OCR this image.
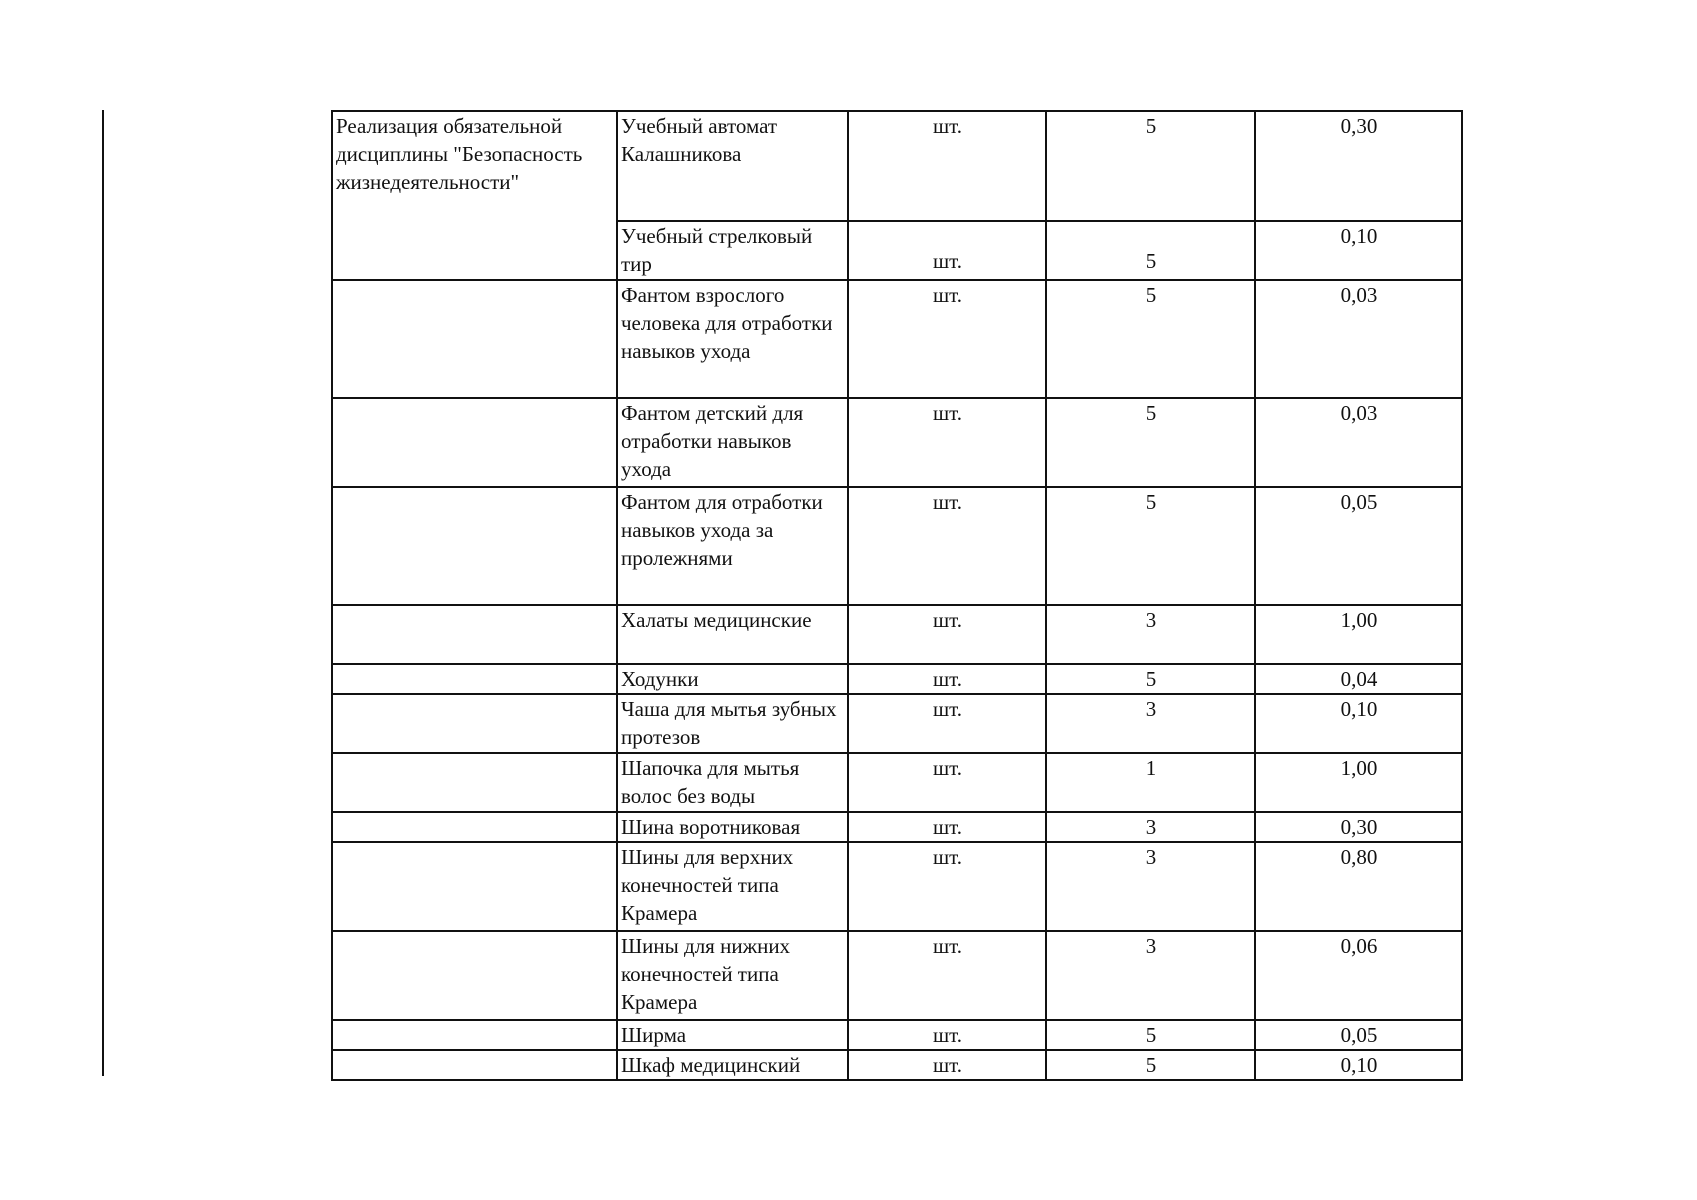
Реализация обязательной дисциплины "Безопасность жизнедеятельности"	Учебный автомат Калашникова	шт.	5	0,30

	Учебный стрелковый тир	шт.	5	0,10

	Фантом взрослого человека для отработки навыков ухода	шт.	5	0,03

	Фантом детский для отработки навыков ухода	шт.	5	0,03

	Фантом для отработки навыков ухода за пролежнями	шт.	5	0,05

	Халаты медицинские	шт.	3	1,00

	Ходунки	шт.	5	0,04

	Чаша для мытья зубных протезов	шт.	3	0,10

	Шапочка для мытья волос без воды	шт.	1	1,00

	Шина воротниковая	шт.	3	0,30

	Шины для верхних конечностей типа Крамера	шт.	3	0,80

	Шины для нижних конечностей типа Крамера	шт.	3	0,06

	Ширма	шт.	5	0,05

	Шкаф медицинский	шт.	5	0,10
